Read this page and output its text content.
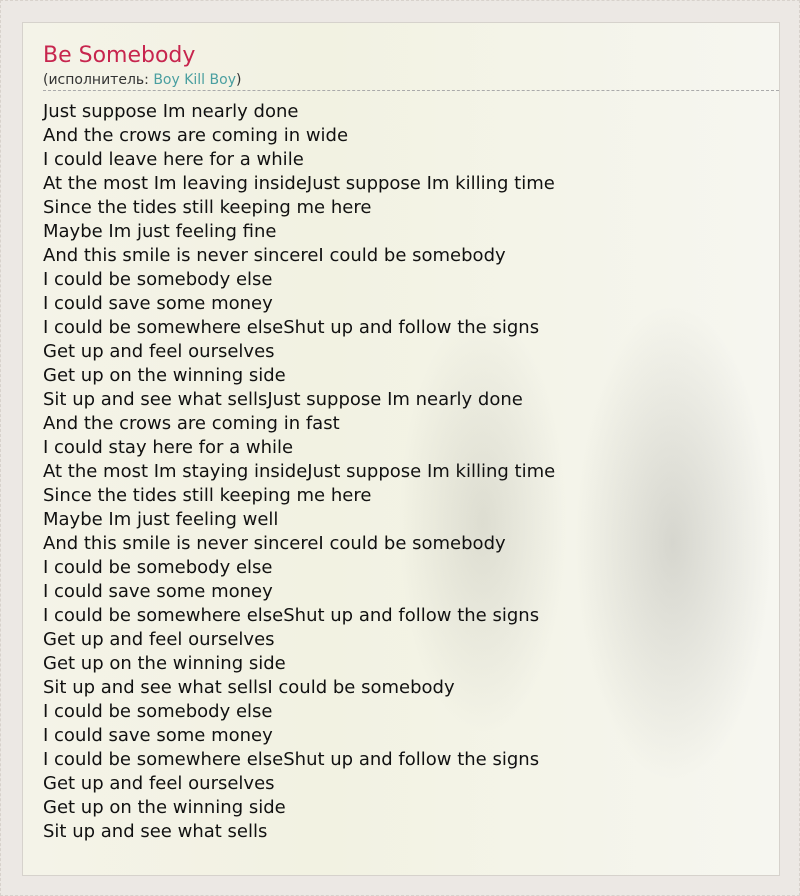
Be Somebody
(исполнитель: Boy Kill Boy)
Just suppose Im nearly done
And the crows are coming in wide
I could leave here for a while
At the most Im leaving insideJust suppose Im killing time
Since the tides still keeping me here
Maybe Im just feeling fine
And this smile is never sincereI could be somebody
I could be somebody else
I could save some money
I could be somewhere elseShut up and follow the signs
Get up and feel ourselves
Get up on the winning side
Sit up and see what sellsJust suppose Im nearly done
And the crows are coming in fast
I could stay here for a while
At the most Im staying insideJust suppose Im killing time
Since the tides still keeping me here
Maybe Im just feeling well
And this smile is never sincereI could be somebody
I could be somebody else
I could save some money
I could be somewhere elseShut up and follow the signs
Get up and feel ourselves
Get up on the winning side
Sit up and see what sellsI could be somebody
I could be somebody else
I could save some money
I could be somewhere elseShut up and follow the signs
Get up and feel ourselves
Get up on the winning side
Sit up and see what sells
